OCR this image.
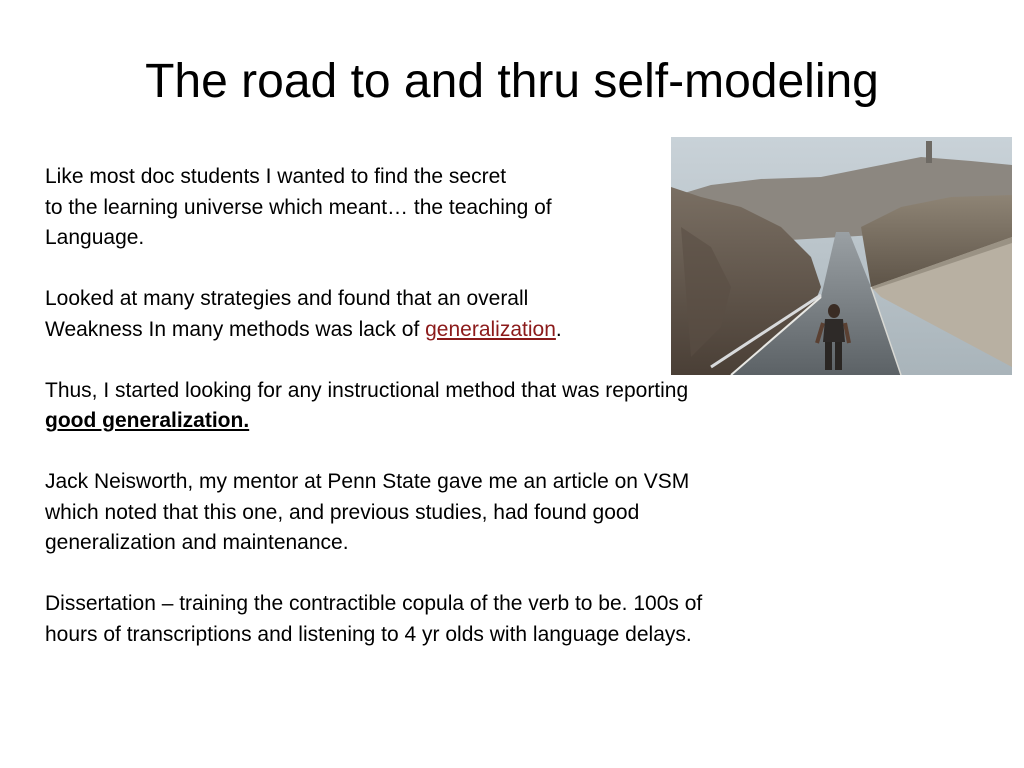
The road to and thru self-modeling

Like most doc students I wanted to find the secret
to the learning universe which meant… the teaching of
Language.

Looked at many strategies and found that an overall
Weakness In many methods was lack of generalization.

Thus, I started looking for any instructional method that was reporting
good generalization.

Jack Neisworth, my mentor at Penn State gave me an article on VSM
which noted that this one, and previous studies, had found good
generalization and maintenance.

Dissertation – training the contractible copula of the verb to be. 100s of
hours of transcriptions and listening to 4 yr olds with language delays.
